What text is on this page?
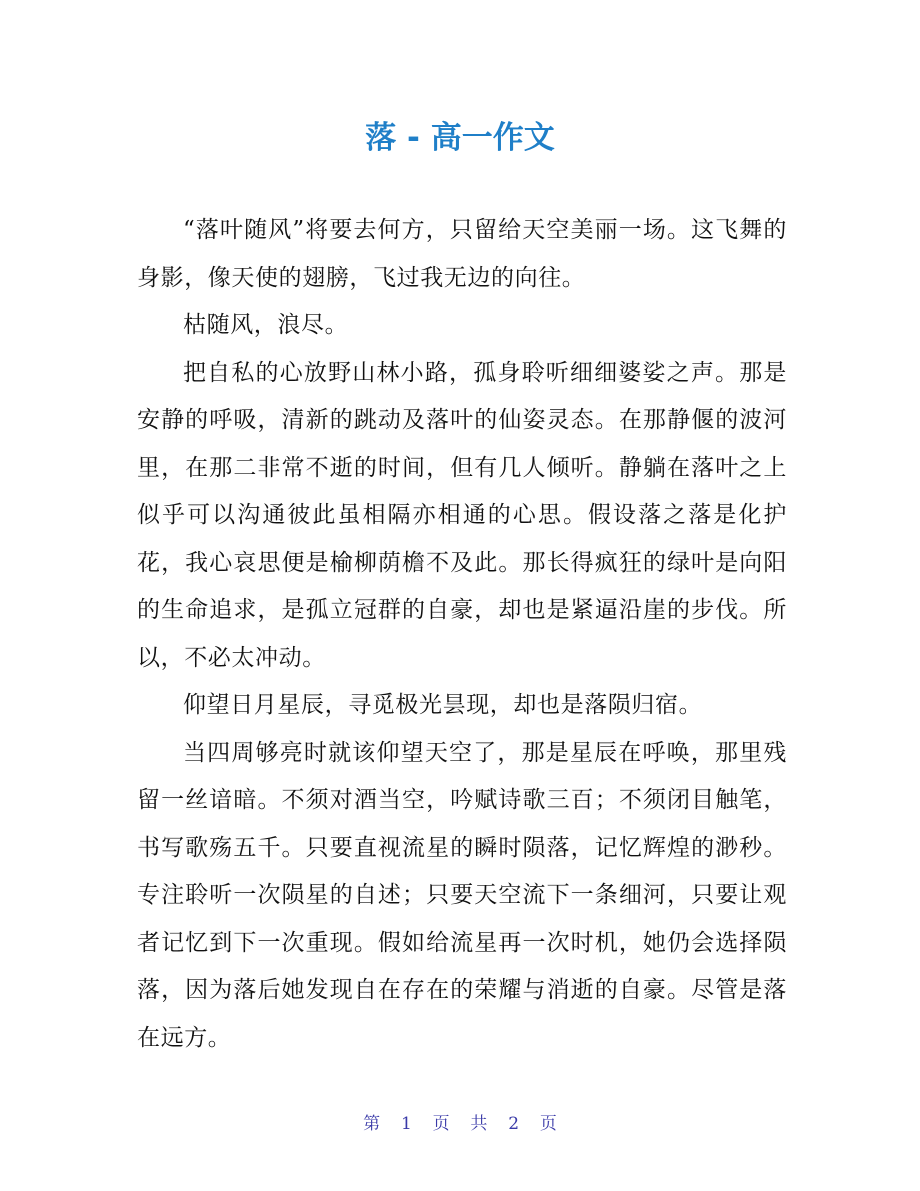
落 - 高一作文

“落叶随风”将要去何方，只留给天空美丽一场。这飞舞的身影，像天使的翅膀，飞过我无边的向往。

枯随风，浪尽。

把自私的心放野山林小路，孤身聆听细细婆娑之声。那是安静的呼吸，清新的跳动及落叶的仙姿灵态。在那静偃的波河里，在那二非常不逝的时间，但有几人倾听。静躺在落叶之上似乎可以沟通彼此虽相隔亦相通的心思。假设落之落是化护花，我心哀思便是榆柳荫檐不及此。那长得疯狂的绿叶是向阳的生命追求，是孤立冠群的自豪，却也是紧逼沿崖的步伐。所以，不必太冲动。

仰望日月星辰，寻觅极光昙现，却也是落陨归宿。

当四周够亮时就该仰望天空了，那是星辰在呼唤，那里残留一丝谙暗。不须对酒当空，吟赋诗歌三百；不须闭目触笔，书写歌殇五千。只要直视流星的瞬时陨落，记忆辉煌的渺秒。专注聆听一次陨星的自述；只要天空流下一条细河，只要让观者记忆到下一次重现。假如给流星再一次时机，她仍会选择陨落，因为落后她发现自在存在的荣耀与消逝的自豪。尽管是落在远方。

第 1 页 共 2 页
